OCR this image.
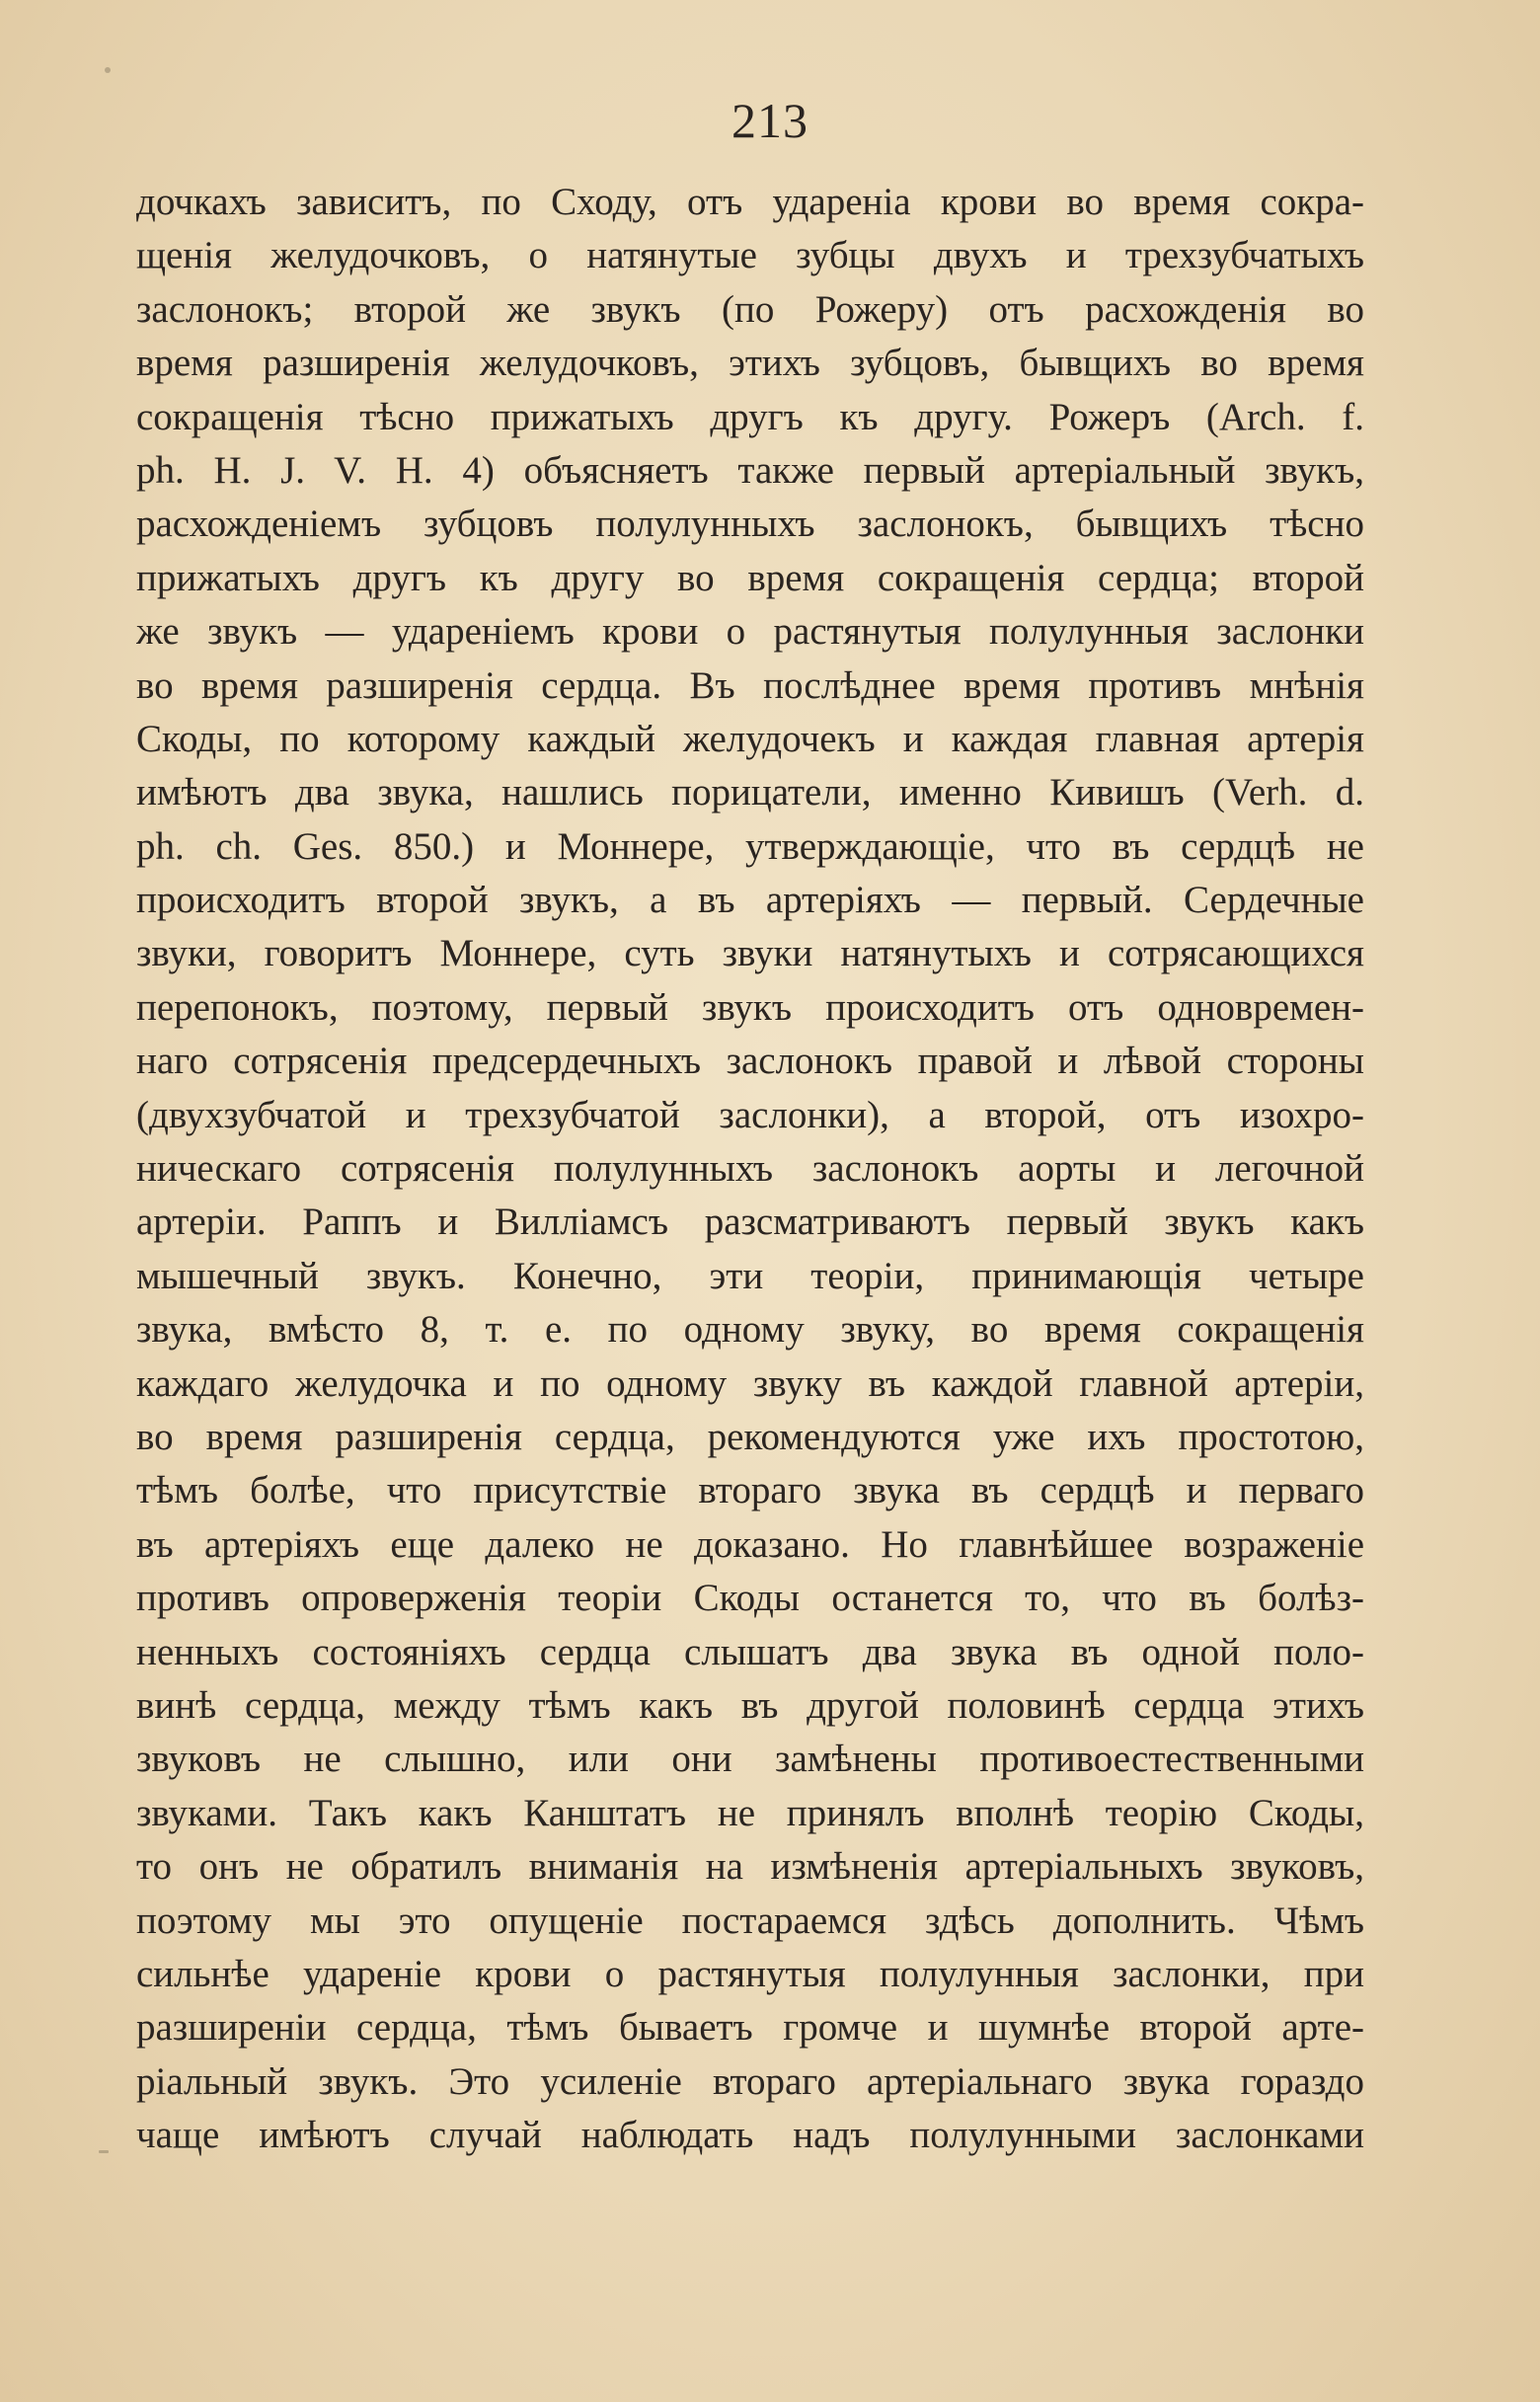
213
дочкахъ зависитъ, по Сходу, отъ удареніа крови во время сокра-
щенія желудочковъ, о натянутые зубцы двухъ и трехзубчатыхъ
заслонокъ; второй же звукъ (по Рожеру) отъ расхожденія во
время разширенія желудочковъ, этихъ зубцовъ, бывщихъ во время
сокращенія тѣсно прижатыхъ другъ къ другу. Рожеръ (Arch. f.
ph. H. J. V. H. 4) объясняетъ также первый артеріальный звукъ,
расхожденіемъ зубцовъ полулунныхъ заслонокъ, бывщихъ тѣсно
прижатыхъ другъ къ другу во время сокращенія сердца; второй
же звукъ — удареніемъ крови о растянутыя полулунныя заслонки
во время разширенія сердца. Въ послѣднее время противъ мнѣнія
Скоды, по которому каждый желудочекъ и каждая главная артерія
имѣютъ два звука, нашлись порицатели, именно Кивишъ (Verh. d.
ph. ch. Ges. 850.) и Моннере, утверждающіе, что въ сердцѣ не
происходитъ второй звукъ, а въ артеріяхъ — первый. Сердечные
звуки, говоритъ Моннере, суть звуки натянутыхъ и сотрясающихся
перепонокъ, поэтому, первый звукъ происходитъ отъ одновремен-
наго сотрясенія предсердечныхъ заслонокъ правой и лѣвой стороны
(двухзубчатой и трехзубчатой заслонки), а второй, отъ изохро-
ническаго сотрясенія полулунныхъ заслонокъ аорты и легочной
артеріи. Раппъ и Вилліамсъ разсматриваютъ первый звукъ какъ
мышечный звукъ. Конечно, эти теоріи, принимающія четыре
звука, вмѣсто 8, т. е. по одному звуку, во время сокращенія
каждаго желудочка и по одному звуку въ каждой главной артеріи,
во время разширенія сердца, рекомендуются уже ихъ простотою,
тѣмъ болѣе, что присутствіе втораго звука въ сердцѣ и перваго
въ артеріяхъ еще далеко не доказано. Но главнѣйшее возраженіе
противъ опроверженія теоріи Скоды останется то, что въ болѣз-
ненныхъ состояніяхъ сердца слышатъ два звука въ одной поло-
винѣ сердца, между тѣмъ какъ въ другой половинѣ сердца этихъ
звуковъ не слышно, или они замѣнены противоестественными
звуками. Такъ какъ Канштатъ не принялъ вполнѣ теорію Скоды,
то онъ не обратилъ вниманія на измѣненія артеріальныхъ звуковъ,
поэтому мы это опущеніе постараемся здѣсь дополнить. Чѣмъ
сильнѣе удареніе крови о растянутыя полулунныя заслонки, при
разширеніи сердца, тѣмъ бываетъ громче и шумнѣе второй арте-
ріальный звукъ. Это усиленіе втораго артеріальнаго звука гораздо
чаще имѣютъ случай наблюдать надъ полулунными заслонками
